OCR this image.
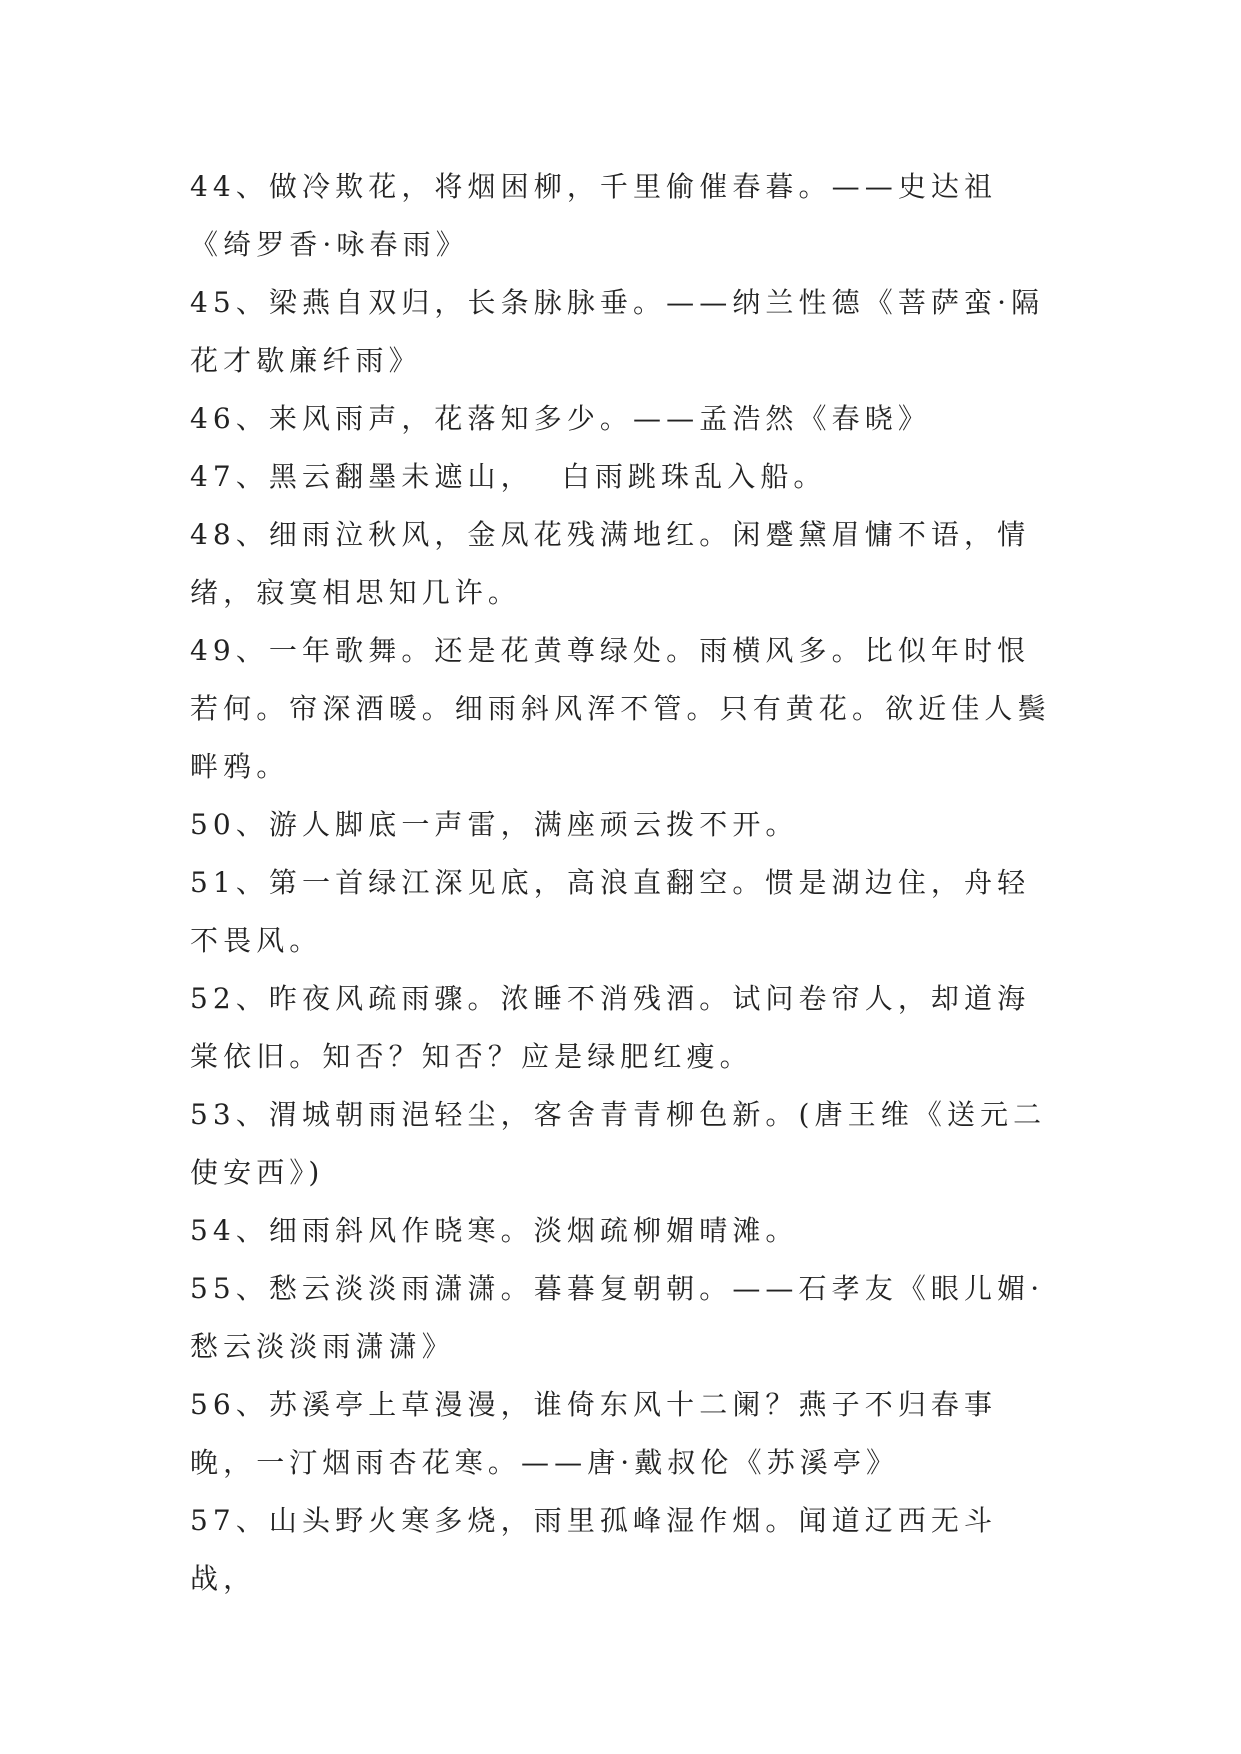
44、做冷欺花，将烟困柳，千里偷催春暮。——史达祖《绮罗香·咏春雨》

45、梁燕自双归，长条脉脉垂。——纳兰性德《菩萨蛮·隔花才歇廉纤雨》

46、来风雨声，花落知多少。——孟浩然《春晓》

47、黑云翻墨未遮山，  白雨跳珠乱入船。

48、细雨泣秋风，金凤花残满地红。闲蹙黛眉慵不语，情绪，寂寞相思知几许。

49、一年歌舞。还是花黄尊绿处。雨横风多。比似年时恨若何。帘深酒暖。细雨斜风浑不管。只有黄花。欲近佳人鬓畔鸦。

50、游人脚底一声雷，满座顽云拨不开。

51、第一首绿江深见底，高浪直翻空。惯是湖边住，舟轻不畏风。

52、昨夜风疏雨骤。浓睡不消残酒。试问卷帘人，却道海棠依旧。知否？知否？应是绿肥红瘦。

53、渭城朝雨浥轻尘，客舍青青柳色新。(唐王维《送元二使安西》)

54、细雨斜风作晓寒。淡烟疏柳媚晴滩。

55、愁云淡淡雨潇潇。暮暮复朝朝。——石孝友《眼儿媚·愁云淡淡雨潇潇》

56、苏溪亭上草漫漫，谁倚东风十二阑？燕子不归春事晚，一汀烟雨杏花寒。——唐·戴叔伦《苏溪亭》

57、山头野火寒多烧，雨里孤峰湿作烟。闻道辽西无斗战，
